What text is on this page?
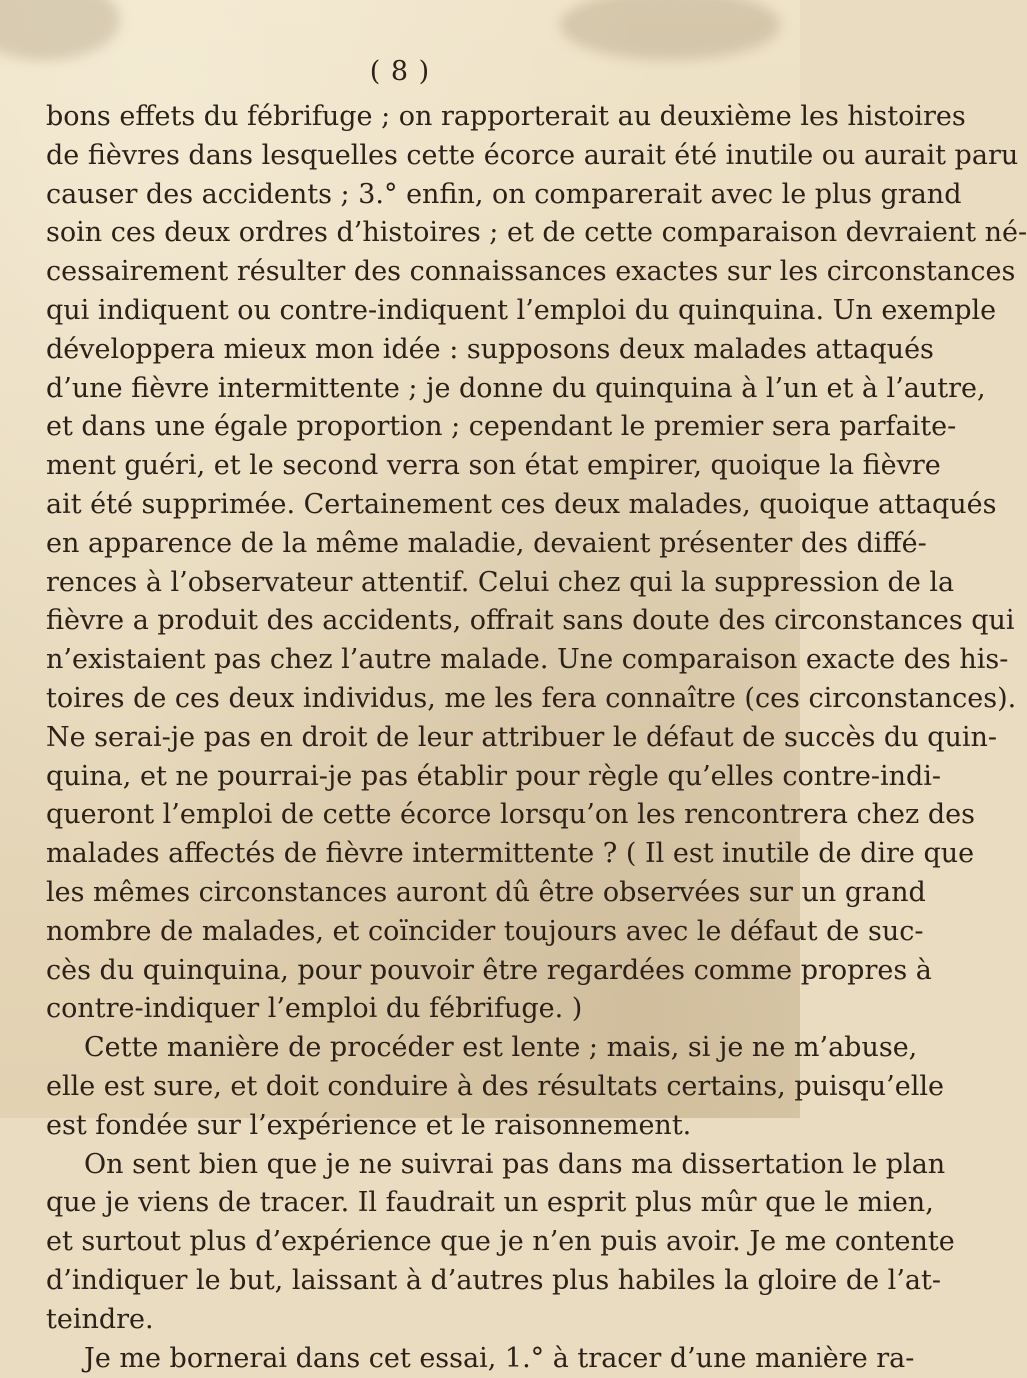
( 8 )
bons effets du fébrifuge ; on rapporterait au deuxième les histoires
de fièvres dans lesquelles cette écorce aurait été inutile ou aurait paru
causer des accidents ; 3.° enfin, on comparerait avec le plus grand
soin ces deux ordres d’histoires ; et de cette comparaison devraient né-
cessairement résulter des connaissances exactes sur les circonstances
qui indiquent ou contre-indiquent l’emploi du quinquina. Un exemple
développera mieux mon idée : supposons deux malades attaqués
d’une fièvre intermittente ; je donne du quinquina à l’un et à l’autre,
et dans une égale proportion ; cependant le premier sera parfaite-
ment guéri, et le second verra son état empirer, quoique la fièvre
ait été supprimée. Certainement ces deux malades, quoique attaqués
en apparence de la même maladie, devaient présenter des diffé-
rences à l’observateur attentif. Celui chez qui la suppression de la
fièvre a produit des accidents, offrait sans doute des circonstances qui
n’existaient pas chez l’autre malade. Une comparaison exacte des his-
toires de ces deux individus, me les fera connaître (ces circonstances).
Ne serai-je pas en droit de leur attribuer le défaut de succès du quin-
quina, et ne pourrai-je pas établir pour règle qu’elles contre-indi-
queront l’emploi de cette écorce lorsqu’on les rencontrera chez des
malades affectés de fièvre intermittente ? ( Il est inutile de dire que
les mêmes circonstances auront dû être observées sur un grand
nombre de malades, et coïncider toujours avec le défaut de suc-
cès du quinquina, pour pouvoir être regardées comme propres à
contre-indiquer l’emploi du fébrifuge. )
Cette manière de procéder est lente ; mais, si je ne m’abuse,
elle est sure, et doit conduire à des résultats certains, puisqu’elle
est fondée sur l’expérience et le raisonnement.
On sent bien que je ne suivrai pas dans ma dissertation le plan
que je viens de tracer. Il faudrait un esprit plus mûr que le mien,
et surtout plus d’expérience que je n’en puis avoir. Je me contente
d’indiquer le but, laissant à d’autres plus habiles la gloire de l’at-
teindre.
Je me bornerai dans cet essai, 1.° à tracer d’une manière ra-
